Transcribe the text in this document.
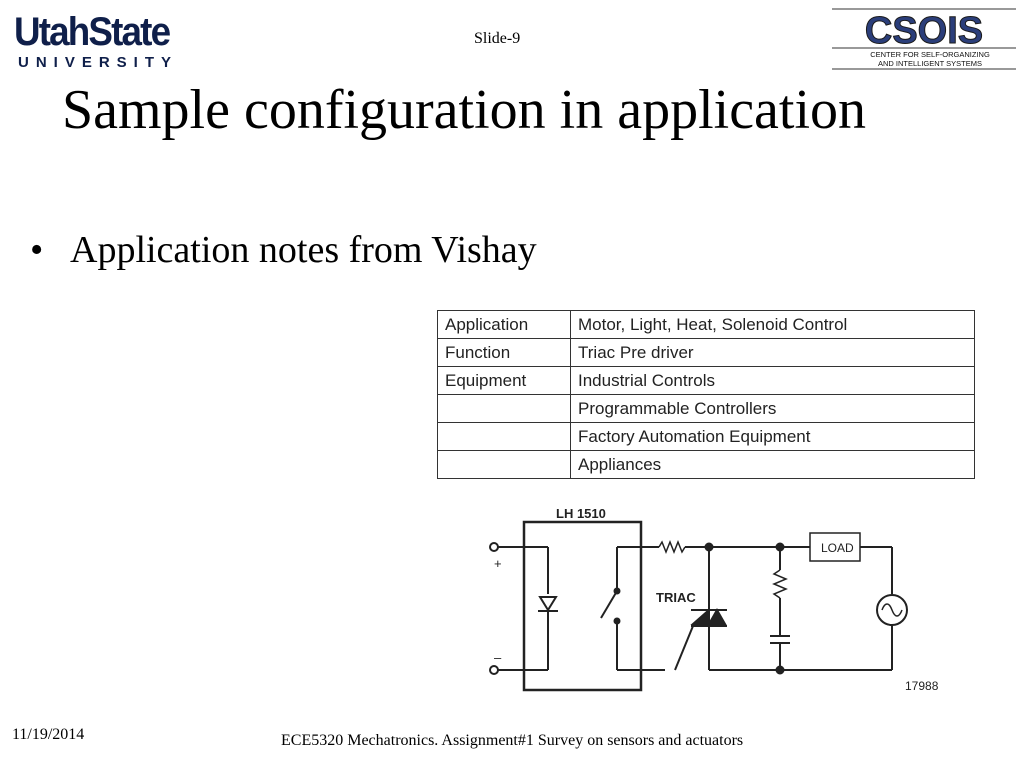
UtahState
UNIVERSITY
Slide-9	CSOIS
CENTER FOR SELF-ORGANIZING
AND INTELLIGENT SYSTEMS
Sample configuration in application
• Application notes from Vishay
Application	Motor, Light, Heat, Solenoid Control
Function	Triac Pre driver
Equipment	Industrial Controls
	Programmable Controllers
	Factory Automation Equipment
	Appliances
LH 1510
+
–
TRIAC
LOAD
17988
11/19/2014	ECE5320 Mechatronics. Assignment#1 Survey on sensors and actuators
